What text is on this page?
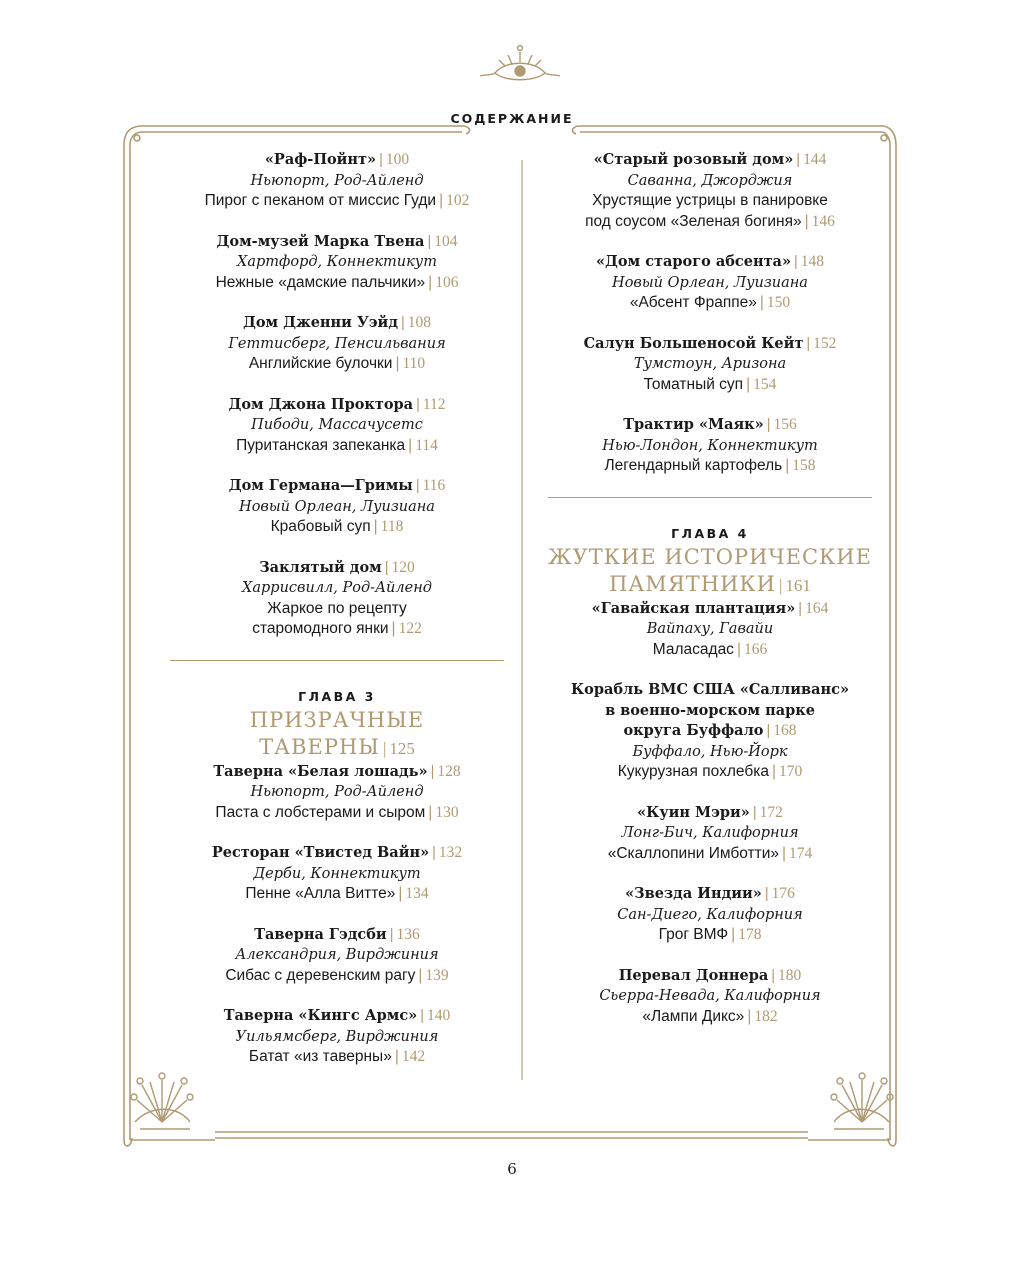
СОДЕРЖАНИЕ
«Раф-Пойнт» | 100
Ньюпорт, Род-Айленд
Пирог с пеканом от миссис Гуди | 102
Дом-музей Марка Твена | 104
Хартфорд, Коннектикут
Нежные «дамские пальчики» | 106
Дом Дженни Уэйд | 108
Геттисберг, Пенсильвания
Английские булочки | 110
Дом Джона Проктора | 112
Пибоди, Массачусетс
Пуританская запеканка | 114
Дом Германа—Гримы | 116
Новый Орлеан, Луизиана
Крабовый суп | 118
Заклятый дом | 120
Харрисвилл, Род-Айленд
Жаркое по рецепту
старомодного янки | 122
ГЛАВА 3
ПРИЗРАЧНЫЕ ТАВЕРНЫ | 125
Таверна «Белая лошадь» | 128
Ньюпорт, Род-Айленд
Паста с лобстерами и сыром | 130
Ресторан «Твистед Вайн» | 132
Дерби, Коннектикут
Пенне «Алла Витте» | 134
Таверна Гэдсби | 136
Александрия, Вирджиния
Сибас с деревенским рагу | 139
Таверна «Кингс Армс» | 140
Уильямсберг, Вирджиния
Батат «из таверны» | 142
«Старый розовый дом» | 144
Саванна, Джорджия
Хрустящие устрицы в панировке
под соусом «Зеленая богиня» | 146
«Дом старого абсента» | 148
Новый Орлеан, Луизиана
«Абсент Фраппе» | 150
Салун Большеносой Кейт | 152
Тумстоун, Аризона
Томатный суп | 154
Трактир «Маяк» | 156
Нью-Лондон, Коннектикут
Легендарный картофель | 158
ГЛАВА 4
ЖУТКИЕ ИСТОРИЧЕСКИЕ
ПАМЯТНИКИ | 161
«Гавайская плантация» | 164
Вайпаху, Гавайи
Маласадас | 166
Корабль ВМС США «Салливанс»
в военно-морском парке
округа Буффало | 168
Буффало, Нью-Йорк
Кукурузная похлебка | 170
«Куин Мэри» | 172
Лонг-Бич, Калифорния
«Скаллопини Имботти» | 174
«Звезда Индии» | 176
Сан-Диего, Калифорния
Грог ВМФ | 178
Перевал Доннера | 180
Сьерра-Невада, Калифорния
«Лампи Дикс» | 182
6
